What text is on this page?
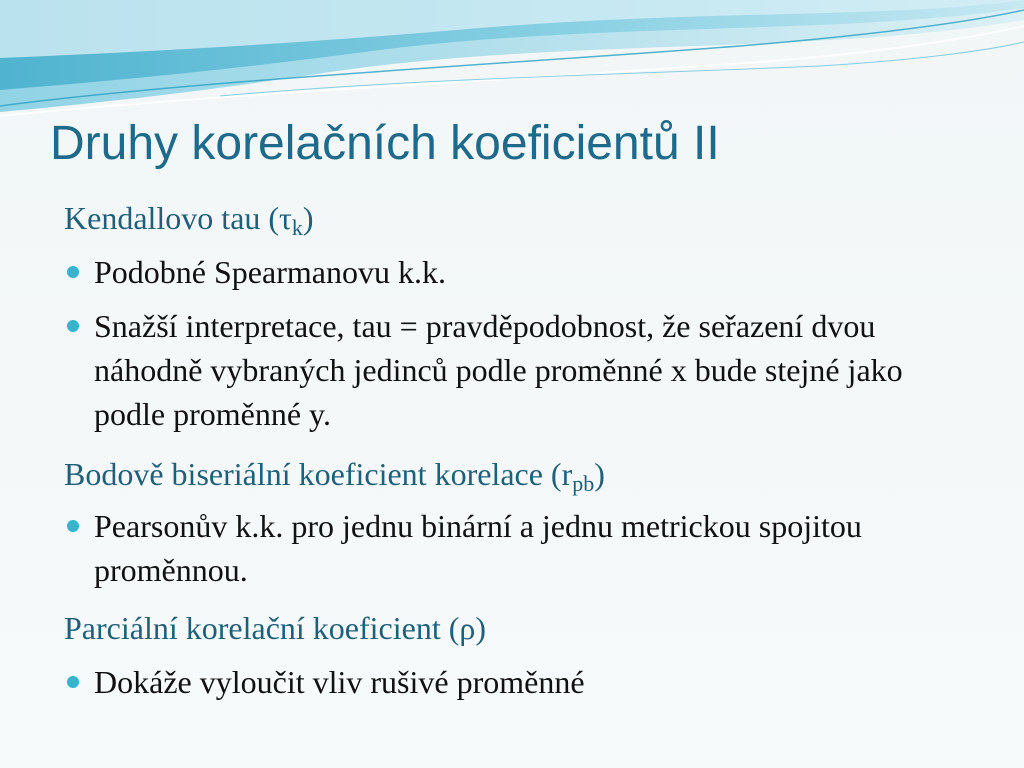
Druhy korelačních koeficientů II

Kendallovo tau $(\tau_k)$

Podobné Spearmanovu k.k.
Snažší interpretace, tau = pravděpodobnost, že seřazení dvou náhodně vybraných jedinců podle proměnné x bude stejné jako podle proměnné y.

Bodově biseriální koeficient korelace $(r_{pb})$

Pearsonův k.k. pro jednu binární a jednu metrickou spojitou proměnnou.

Parciální korelační koeficient (ρ)

Dokáže vyloučit vliv rušivé proměnné
